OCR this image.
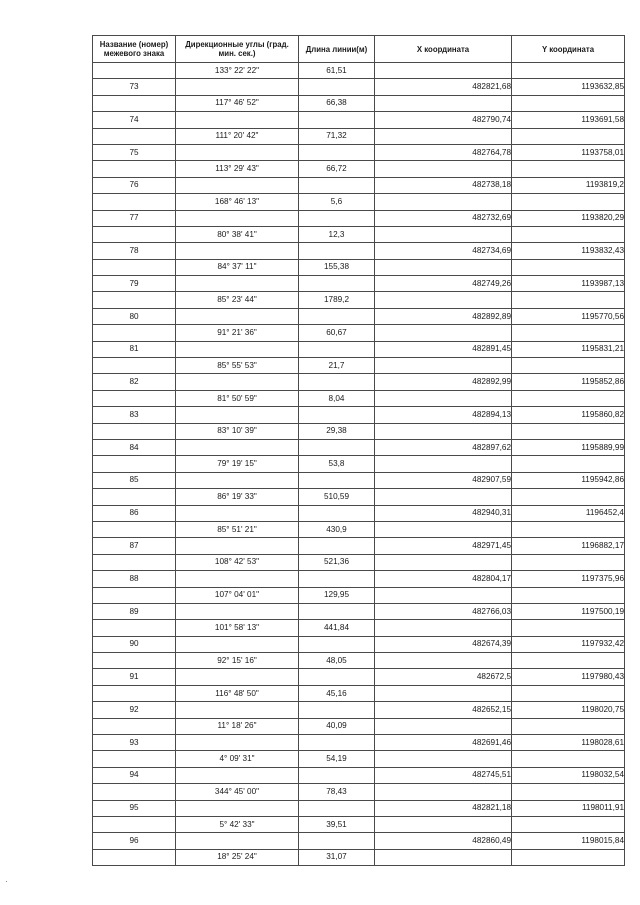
Название (номер) межевого знака	Дирекционные углы (град. мин. сек.)	Длина линии(м)	X координата	Y координата
	133° 22' 22"	61,51		
73			482821,68	1193632,85
	117° 46' 52"	66,38		
74			482790,74	1193691,58
	111° 20' 42"	71,32		
75			482764,78	1193758,01
	113° 29' 43"	66,72		
76			482738,18	1193819,2
	168° 46' 13"	5,6		
77			482732,69	1193820,29
	80° 38' 41"	12,3		
78			482734,69	1193832,43
	84° 37' 11"	155,38		
79			482749,26	1193987,13
	85° 23' 44"	1789,2		
80			482892,89	1195770,56
	91° 21' 36"	60,67		
81			482891,45	1195831,21
	85° 55' 53"	21,7		
82			482892,99	1195852,86
	81° 50' 59"	8,04		
83			482894,13	1195860,82
	83° 10' 39"	29,38		
84			482897,62	1195889,99
	79° 19' 15"	53,8		
85			482907,59	1195942,86
	86° 19' 33"	510,59		
86			482940,31	1196452,4
	85° 51' 21"	430,9		
87			482971,45	1196882,17
	108° 42' 53"	521,36		
88			482804,17	1197375,96
	107° 04' 01"	129,95		
89			482766,03	1197500,19
	101° 58' 13"	441,84		
90			482674,39	1197932,42
	92° 15' 16"	48,05		
91			482672,5	1197980,43
	116° 48' 50"	45,16		
92			482652,15	1198020,75
	11° 18' 26"	40,09		
93			482691,46	1198028,61
	4° 09' 31"	54,19		
94			482745,51	1198032,54
	344° 45' 00"	78,43		
95			482821,18	1198011,91
	5° 42' 33"	39,51		
96			482860,49	1198015,84
	18° 25' 24"	31,07		
